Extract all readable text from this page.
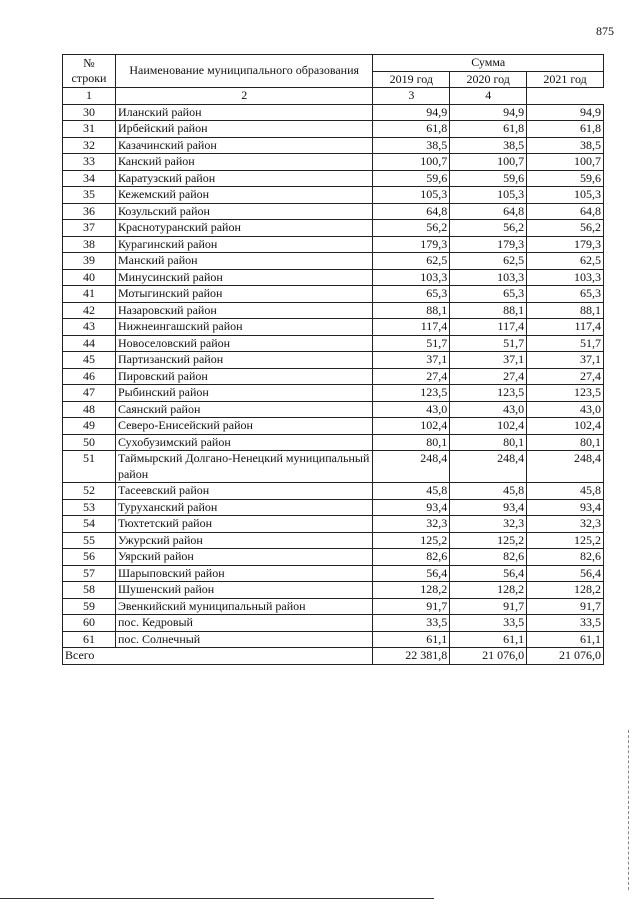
875
№ строки	Наименование муниципального образования	Сумма		
		2019 год	2020 год	2021 год
1	2	3	4	
30	Иланский район	94,9	94,9	94,9
31	Ирбейский район	61,8	61,8	61,8
32	Казачинский район	38,5	38,5	38,5
33	Канский район	100,7	100,7	100,7
34	Каратузский район	59,6	59,6	59,6
35	Кежемский район	105,3	105,3	105,3
36	Козульский район	64,8	64,8	64,8
37	Краснотуранский район	56,2	56,2	56,2
38	Курагинский район	179,3	179,3	179,3
39	Манский район	62,5	62,5	62,5
40	Минусинский район	103,3	103,3	103,3
41	Мотыгинский район	65,3	65,3	65,3
42	Назаровский район	88,1	88,1	88,1
43	Нижнеингашский район	117,4	117,4	117,4
44	Новоселовский район	51,7	51,7	51,7
45	Партизанский район	37,1	37,1	37,1
46	Пировский район	27,4	27,4	27,4
47	Рыбинский район	123,5	123,5	123,5
48	Саянский район	43,0	43,0	43,0
49	Северо-Енисейский район	102,4	102,4	102,4
50	Сухобузимский район	80,1	80,1	80,1
51	Таймырский Долгано-Ненецкий муниципальный район	248,4	248,4	248,4
52	Тасеевский район	45,8	45,8	45,8
53	Туруханский район	93,4	93,4	93,4
54	Тюхтетский район	32,3	32,3	32,3
55	Ужурский район	125,2	125,2	125,2
56	Уярский район	82,6	82,6	82,6
57	Шарыповский район	56,4	56,4	56,4
58	Шушенский район	128,2	128,2	128,2
59	Эвенкийский муниципальный район	91,7	91,7	91,7
60	пос. Кедровый	33,5	33,5	33,5
61	пос. Солнечный	61,1	61,1	61,1
Всего		22 381,8	21 076,0	21 076,0
